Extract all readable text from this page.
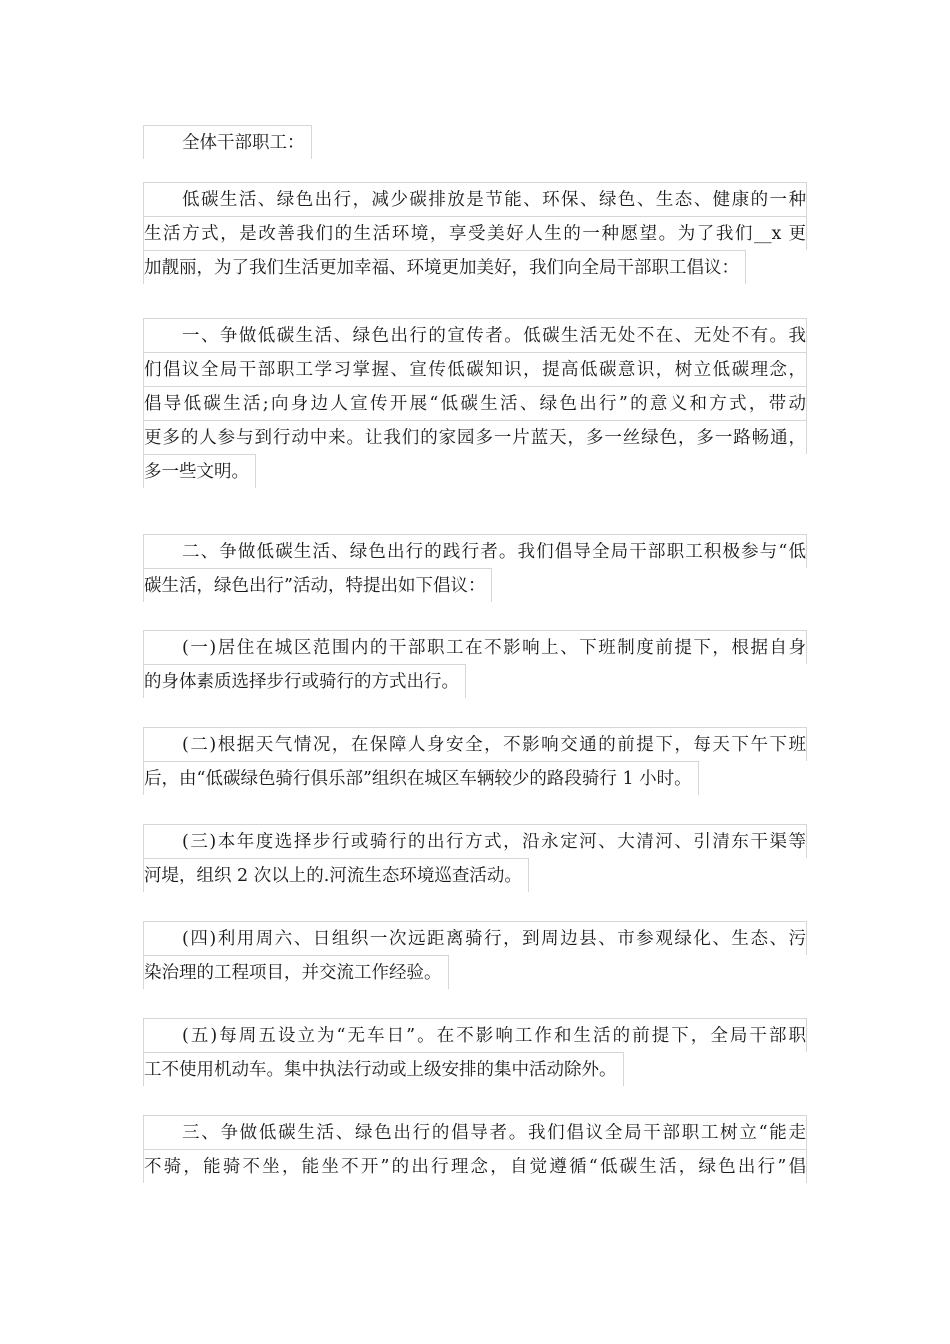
全体干部职工：
低碳生活、绿色出行，减少碳排放是节能、环保、绿色、生态、健康的一种
生活方式，是改善我们的生活环境，享受美好人生的一种愿望。为了我们__x 更
加靓丽，为了我们生活更加幸福、环境更加美好，我们向全局干部职工倡议：
一、争做低碳生活、绿色出行的宣传者。低碳生活无处不在、无处不有。我
们倡议全局干部职工学习掌握、宣传低碳知识，提高低碳意识，树立低碳理念，
倡导低碳生活;向身边人宣传开展“低碳生活、绿色出行”的意义和方式，带动
更多的人参与到行动中来。让我们的家园多一片蓝天，多一丝绿色，多一路畅通，
多一些文明。
二、争做低碳生活、绿色出行的践行者。我们倡导全局干部职工积极参与“低
碳生活，绿色出行”活动，特提出如下倡议：
(一)居住在城区范围内的干部职工在不影响上、下班制度前提下，根据自身
的身体素质选择步行或骑行的方式出行。
(二)根据天气情况，在保障人身安全，不影响交通的前提下，每天下午下班
后，由“低碳绿色骑行俱乐部”组织在城区车辆较少的路段骑行 1 小时。
(三)本年度选择步行或骑行的出行方式，沿永定河、大清河、引清东干渠等
河堤，组织 2 次以上的.河流生态环境巡查活动。
(四)利用周六、日组织一次远距离骑行，到周边县、市参观绿化、生态、污
染治理的工程项目，并交流工作经验。
(五)每周五设立为“无车日”。在不影响工作和生活的前提下，全局干部职
工不使用机动车。集中执法行动或上级安排的集中活动除外。
三、争做低碳生活、绿色出行的倡导者。我们倡议全局干部职工树立“能走
不骑，能骑不坐，能坐不开”的出行理念，自觉遵循“低碳生活，绿色出行”倡
